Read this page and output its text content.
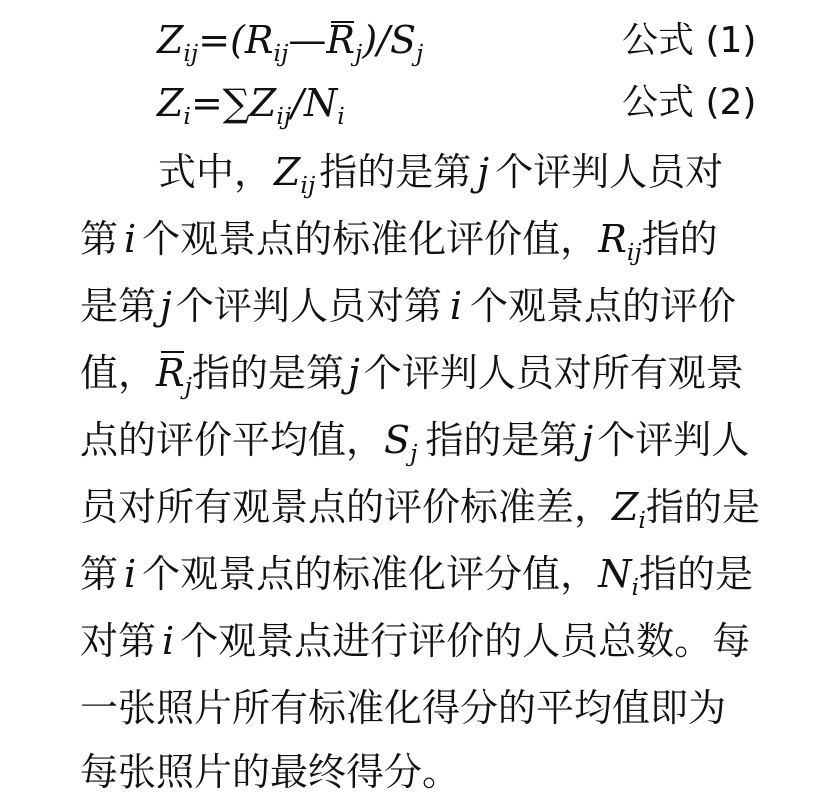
Zij=(Rij—Rj)/Sj	公式 (1)
Zi=∑Zij/Ni	公式 (2)
式中，Zij 指的是第 j 个评判人员对
第 i 个观景点的标准化评价值，Rij指的
是第 j 个评判人员对第 i 个观景点的评价
值，Rj指的是第 j 个评判人员对所有观景
点的评价平均值，Sj 指的是第 j 个评判人
员对所有观景点的评价标准差，Zi指的是
第 i 个观景点的标准化评分值，Ni指的是
对第 i 个观景点进行评价的人员总数。每
一张照片所有标准化得分的平均值即为
每张照片的最终得分。
